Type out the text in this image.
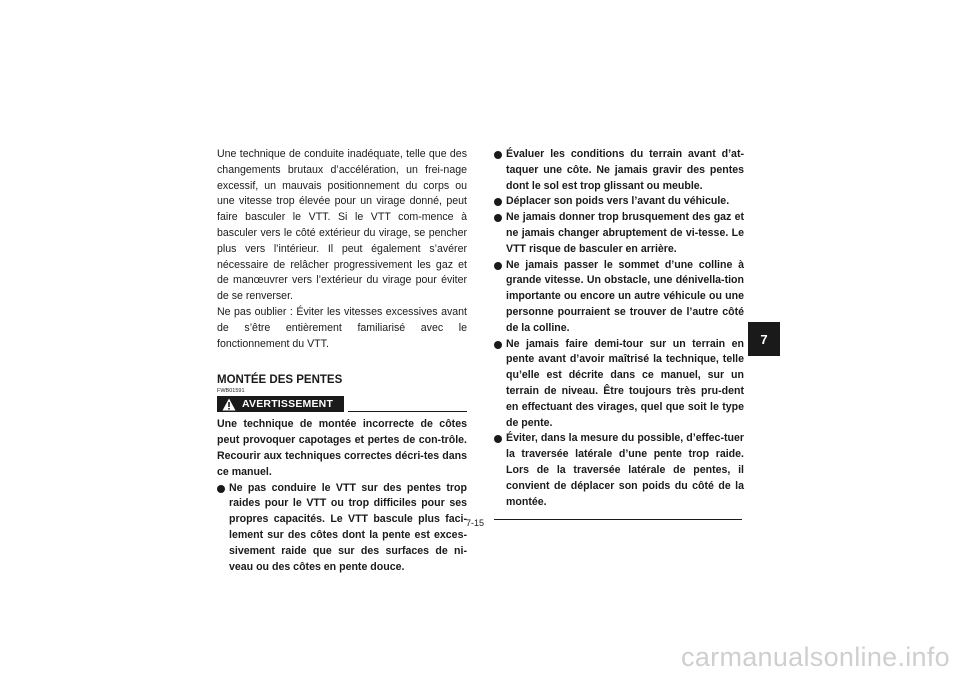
Une technique de conduite inadéquate, telle que des changements brutaux d’accélération, un frei-nage excessif, un mauvais positionnement du corps ou une vitesse trop élevée pour un virage donné, peut faire basculer le VTT. Si le VTT com-mence à basculer vers le côté extérieur du virage, se pencher plus vers l’intérieur. Il peut également s’avérer nécessaire de relâcher progressivement les gaz et de manœuvrer vers l’extérieur du virage pour éviter de se renverser.

Ne pas oublier : Éviter les vitesses excessives avant de s’être entièrement familiarisé avec le fonctionnement du VTT.

MONTÉE DES PENTES
FWB01591
AVERTISSEMENT

Une technique de montée incorrecte de côtes peut provoquer capotages et pertes de con-trôle. Recourir aux techniques correctes décri-tes dans ce manuel.

Ne pas conduire le VTT sur des pentes trop raides pour le VTT ou trop difficiles pour ses propres capacités. Le VTT bascule plus faci-lement sur des côtes dont la pente est exces-sivement raide que sur des surfaces de ni-veau ou des côtes en pente douce.
Évaluer les conditions du terrain avant d’at-taquer une côte. Ne jamais gravir des pentes dont le sol est trop glissant ou meuble.
Déplacer son poids vers l’avant du véhicule.
Ne jamais donner trop brusquement des gaz et ne jamais changer abruptement de vi-tesse. Le VTT risque de basculer en arrière.
Ne jamais passer le sommet d’une colline à grande vitesse. Un obstacle, une dénivella-tion importante ou encore un autre véhicule ou une personne pourraient se trouver de l’autre côté de la colline.
Ne jamais faire demi-tour sur un terrain en pente avant d’avoir maîtrisé la technique, telle qu’elle est décrite dans ce manuel, sur un terrain de niveau. Être toujours très pru-dent en effectuant des virages, quel que soit le type de pente.
Éviter, dans la mesure du possible, d’effec-tuer la traversée latérale d’une pente trop raide. Lors de la traversée latérale de pentes, il convient de déplacer son poids du côté de la montée.
7-15
7
carmanualsonline.info
